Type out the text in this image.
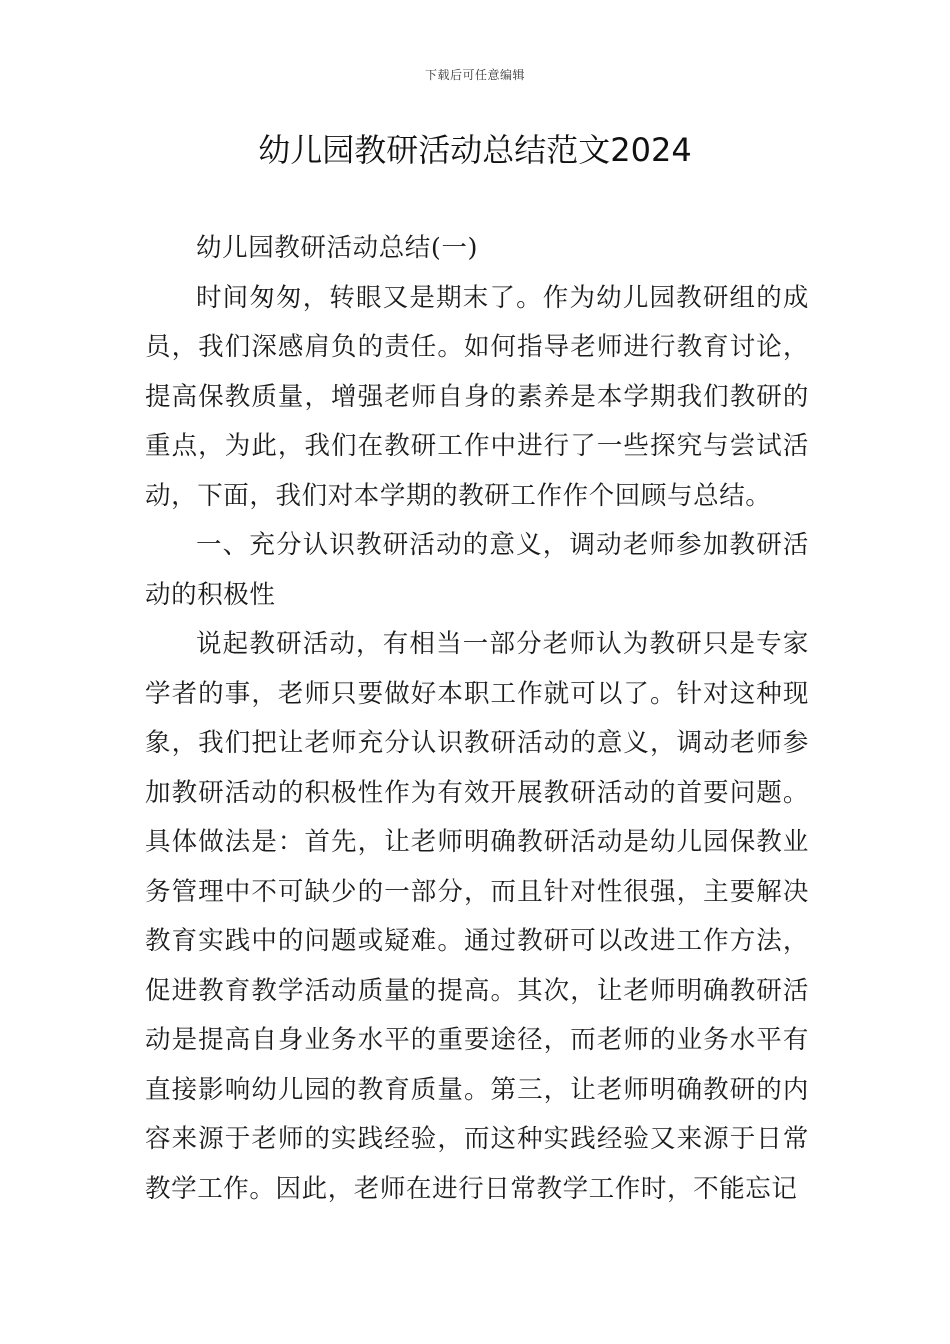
下载后可任意编辑
幼儿园教研活动总结范文2024

幼儿园教研活动总结(一)

时间匆匆，转眼又是期末了。作为幼儿园教研组的成员，我们深感肩负的责任。如何指导老师进行教育讨论，提高保教质量，增强老师自身的素养是本学期我们教研的重点，为此，我们在教研工作中进行了一些探究与尝试活动，下面，我们对本学期的教研工作作个回顾与总结。

一、充分认识教研活动的意义，调动老师参加教研活动的积极性

说起教研活动，有相当一部分老师认为教研只是专家学者的事，老师只要做好本职工作就可以了。针对这种现象，我们把让老师充分认识教研活动的意义，调动老师参加教研活动的积极性作为有效开展教研活动的首要问题。具体做法是：首先，让老师明确教研活动是幼儿园保教业务管理中不可缺少的一部分，而且针对性很强，主要解决教育实践中的问题或疑难。通过教研可以改进工作方法，促进教育教学活动质量的提高。其次，让老师明确教研活动是提高自身业务水平的重要途径，而老师的业务水平有直接影响幼儿园的教育质量。第三，让老师明确教研的内容来源于老师的实践经验，而这种实践经验又来源于日常教学工作。因此，老师在进行日常教学工作时，不能忘记
